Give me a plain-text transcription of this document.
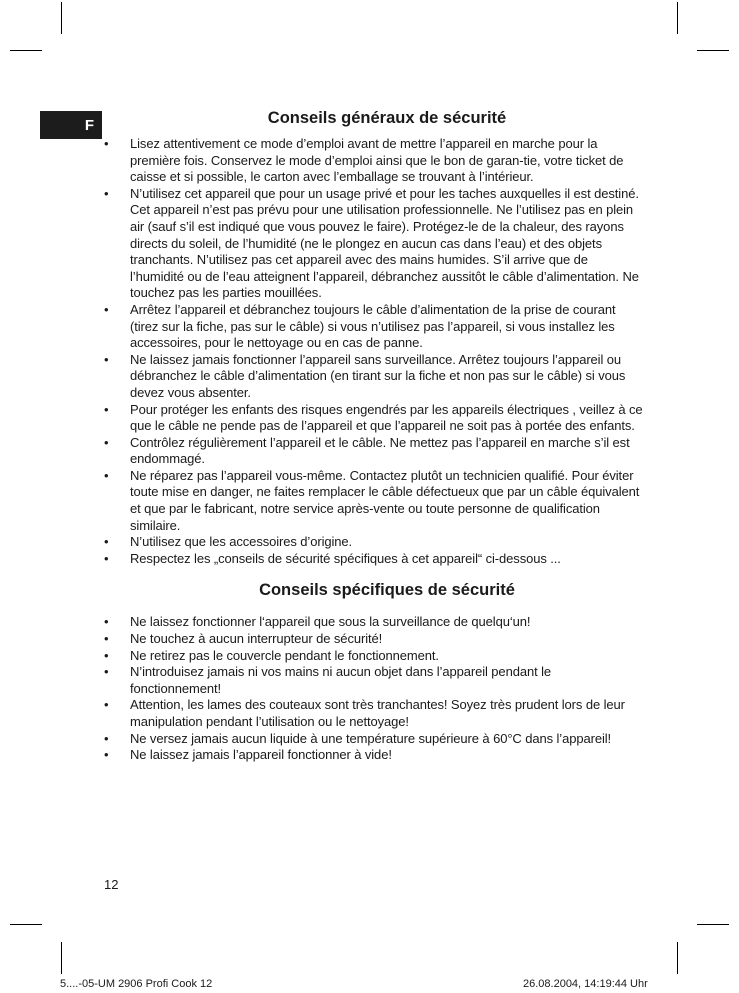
F	Conseils généraux de sécurité
• Lisez attentivement ce mode d’emploi avant de mettre l’appareil en marche pour la première fois. Conservez le mode d’emploi ainsi que le bon de garan-tie, votre ticket de caisse et si possible, le carton avec l’emballage se trouvant à l’intérieur.
• N’utilisez cet appareil que pour un usage privé et pour les taches auxquelles il est destiné. Cet appareil n’est pas prévu pour une utilisation professionnelle. Ne l’utilisez pas en plein air (sauf s’il est indiqué que vous pouvez le faire). Protégez-le de la chaleur, des rayons directs du soleil, de l’humidité (ne le plongez en aucun cas dans l’eau) et des objets tranchants. N’utilisez pas cet appareil avec des mains humides. S’il arrive que de l’humidité ou de l’eau atteignent l’appareil, débranchez aussitôt le câble d’alimentation. Ne touchez pas les parties mouillées.
• Arrêtez l’appareil et débranchez toujours le câble d’alimentation de la prise de courant (tirez sur la fiche, pas sur le câble) si vous n’utilisez pas l’appareil, si vous installez les accessoires, pour le nettoyage ou en cas de panne.
• Ne laissez jamais fonctionner l’appareil sans surveillance. Arrêtez toujours l’appareil ou débranchez le câble d’alimentation (en tirant sur la fiche et non pas sur le câble) si vous devez vous absenter.
• Pour protéger les enfants des risques engendrés par les appareils électriques , veillez à ce que le câble ne pende pas de l’appareil et que l’appareil ne soit pas à portée des enfants.
• Contrôlez régulièrement l’appareil et le câble. Ne mettez pas l’appareil en marche s’il est endommagé.
• Ne réparez pas l’appareil vous-même. Contactez plutôt un technicien qualifié. Pour éviter toute mise en danger, ne faites remplacer le câble défectueux que par un câble équivalent et que par le fabricant, notre service après-vente ou toute personne de qualification similaire.
• N’utilisez que les accessoires d’origine.
• Respectez les „conseils de sécurité spécifiques à cet appareil“ ci-dessous ...
Conseils spécifiques de sécurité
• Ne laissez fonctionner l‘appareil que sous la surveillance de quelqu‘un!
• Ne touchez à aucun interrupteur de sécurité!
• Ne retirez pas le couvercle pendant le fonctionnement.
• N’introduisez jamais ni vos mains ni aucun objet dans l’appareil pendant le fonctionnement!
• Attention, les lames des couteaux sont très tranchantes! Soyez très prudent lors de leur manipulation pendant l’utilisation ou le nettoyage!
• Ne versez jamais aucun liquide à une température supérieure à 60°C dans l’appareil!
• Ne laissez jamais l’appareil fonctionner à vide!
12
5....-05-UM 2906 Profi Cook 12	26.08.2004, 14:19:44 Uhr
